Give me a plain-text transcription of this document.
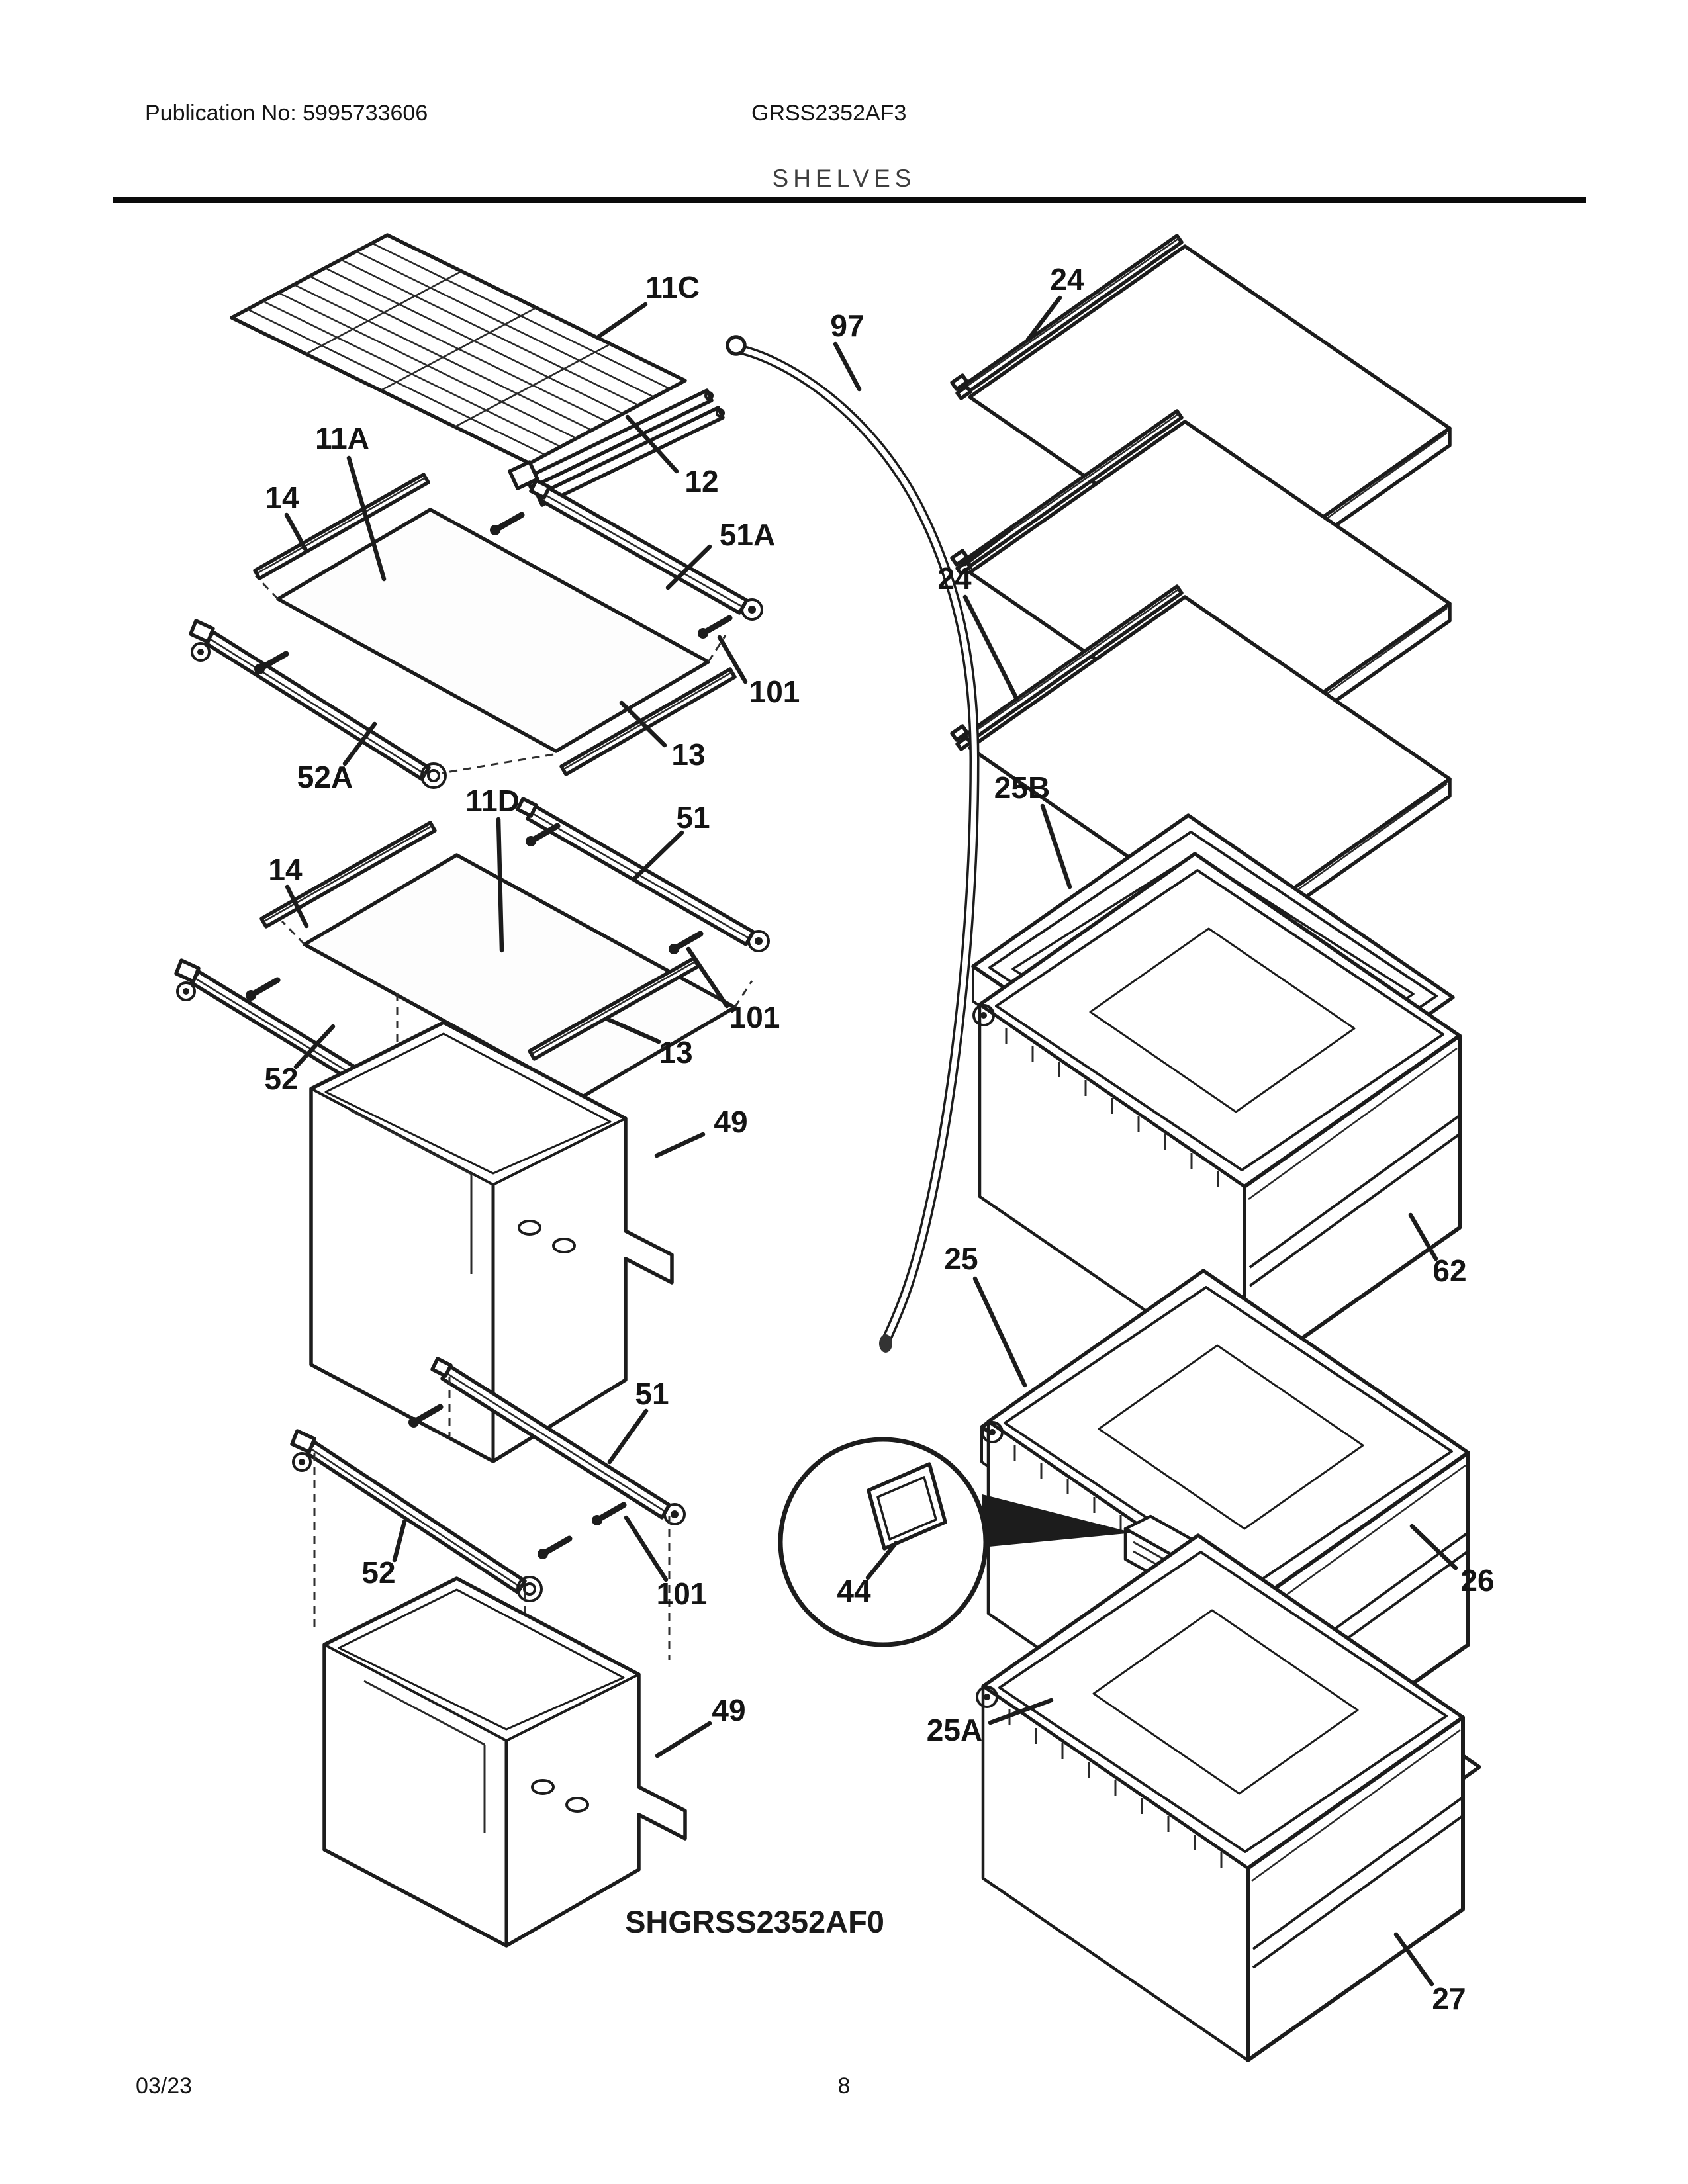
Publication No: 5995733606	GRSS2352AF3
SHELVES
11C
97
24
12
11A
14
51A
24
101
13
52A	25B
11D	51
14
101
13
52
49
25	62
51
52
101	44	26
25A
49
27
SHGRSS2352AF0
03/23	8
